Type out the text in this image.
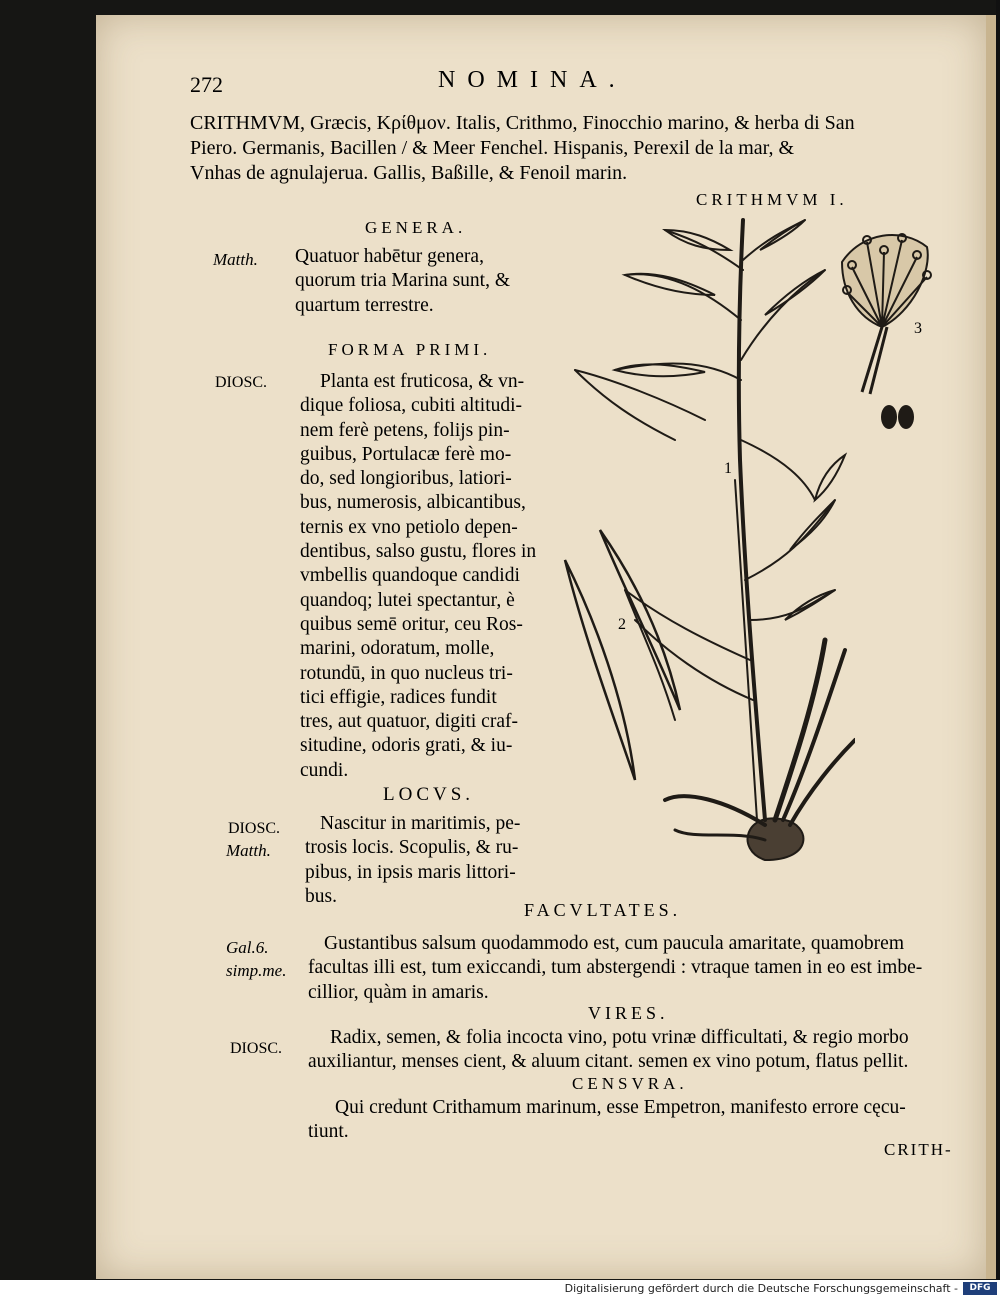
272	NOMINA.
CRITHMVM, Græcis, Κρίθμον. Italis, Crithmo, Finocchio marino, & herba di San
Piero. Germanis, Bacillen / & Meer Fenchel. Hispanis, Perexil de la mar, &
Vnhas de agnulajerua. Gallis, Baßille, & Fenoil marin.
CRITHMVM I.
GENERA.
Matth. Quatuor habētur genera,
quorum tria Marina sunt, &
quartum terrestre.
FORMA PRIMI.
DIOSC.	Planta est fruticosa, & vn-
dique foliosa, cubiti altitudi-
nem ferè petens, folijs pin-
guibus, Portulacæ ferè mo-
do, sed longioribus, latiori-
bus, numerosis, albicantibus,
ternis ex vno petiolo depen-
dentibus, salso gustu, flores in
vmbellis quandoque candidi
quandoq; lutei spectantur, è
quibus semē oritur, ceu Ros-
marini, odoratum, molle,
rotundū, in quo nucleus tri-
tici effigie, radices fundit
tres, aut quatuor, digiti craf-
situdine, odoris grati, & iu-
cundi.
LOCVS.
DIOSC.
Matth.
Nascitur in maritimis, pe-
trosis locis. Scopulis, & ru-
pibus, in ipsis maris littori-
bus.
FACVLTATES.
Gal.6.
simp.me.
Gustantibus salsum quodammodo est, cum paucula amaritate, quamobrem
facultas illi est, tum exiccandi, tum abstergendi : vtraque tamen in eo est imbe-
cillior, quàm in amaris.
VIRES.
DIOSC.
Radix, semen, & folia incocta vino, potu vrinæ difficultati, & regio morbo
auxiliantur, menses cient, & aluum citant. semen ex vino potum, flatus pellit.
CENSVRA.
Qui credunt Crithamum marinum, esse Empetron, manifesto errore cęcu-
tiunt.
CRITH-
1
2
3
Digitalisierung gefördert durch die Deutsche Forschungsgemeinschaft -	DFG
